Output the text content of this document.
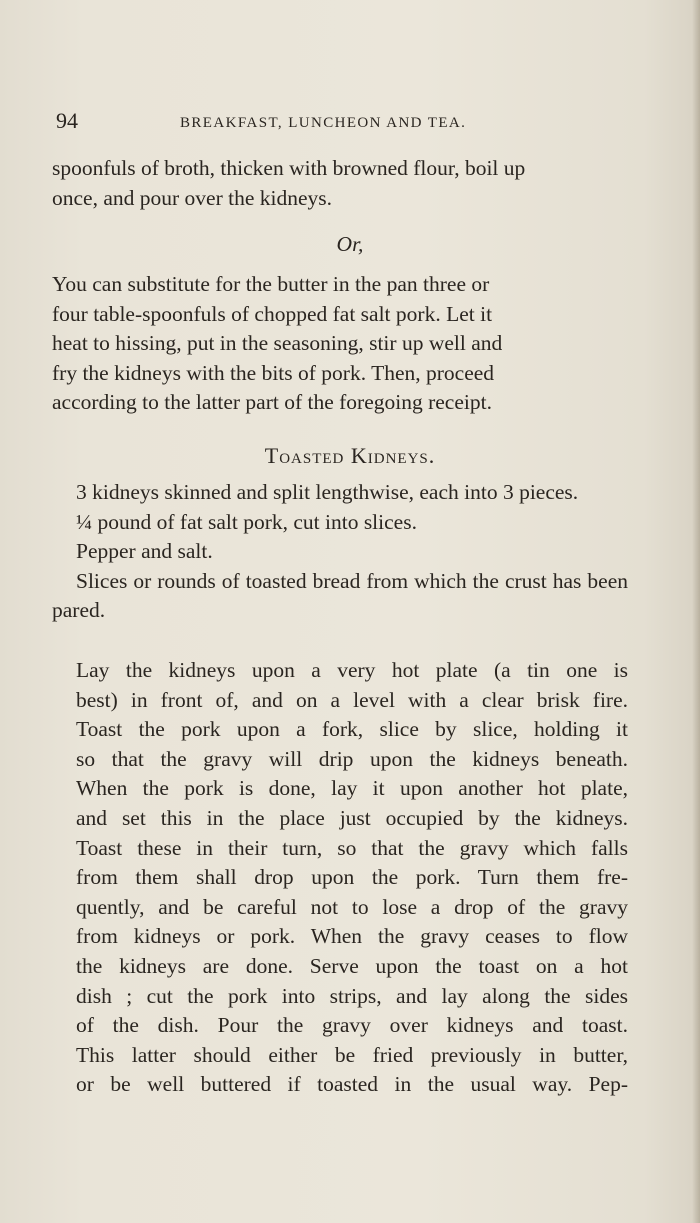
94	BREAKFAST, LUNCHEON AND TEA.
spoonfuls of broth, thicken with browned flour, boil up
once, and pour over the kidneys.
Or,
You can substitute for the butter in the pan three or
four table-spoonfuls of chopped fat salt pork. Let it
heat to hissing, put in the seasoning, stir up well and
fry the kidneys with the bits of pork. Then, proceed
according to the latter part of the foregoing receipt.
Toasted Kidneys.
3 kidneys skinned and split lengthwise, each into 3 pieces.
¼ pound of fat salt pork, cut into slices.
Pepper and salt.
Slices or rounds of toasted bread from which the crust has been pared.
Lay the kidneys upon a very hot plate (a tin one is
best) in front of, and on a level with a clear brisk fire.
Toast the pork upon a fork, slice by slice, holding it
so that the gravy will drip upon the kidneys beneath.
When the pork is done, lay it upon another hot plate,
and set this in the place just occupied by the kidneys.
Toast these in their turn, so that the gravy which falls
from them shall drop upon the pork. Turn them fre-
quently, and be careful not to lose a drop of the gravy
from kidneys or pork. When the gravy ceases to flow
the kidneys are done. Serve upon the toast on a hot
dish ; cut the pork into strips, and lay along the sides
of the dish. Pour the gravy over kidneys and toast.
This latter should either be fried previously in butter,
or be well buttered if toasted in the usual way. Pep-
